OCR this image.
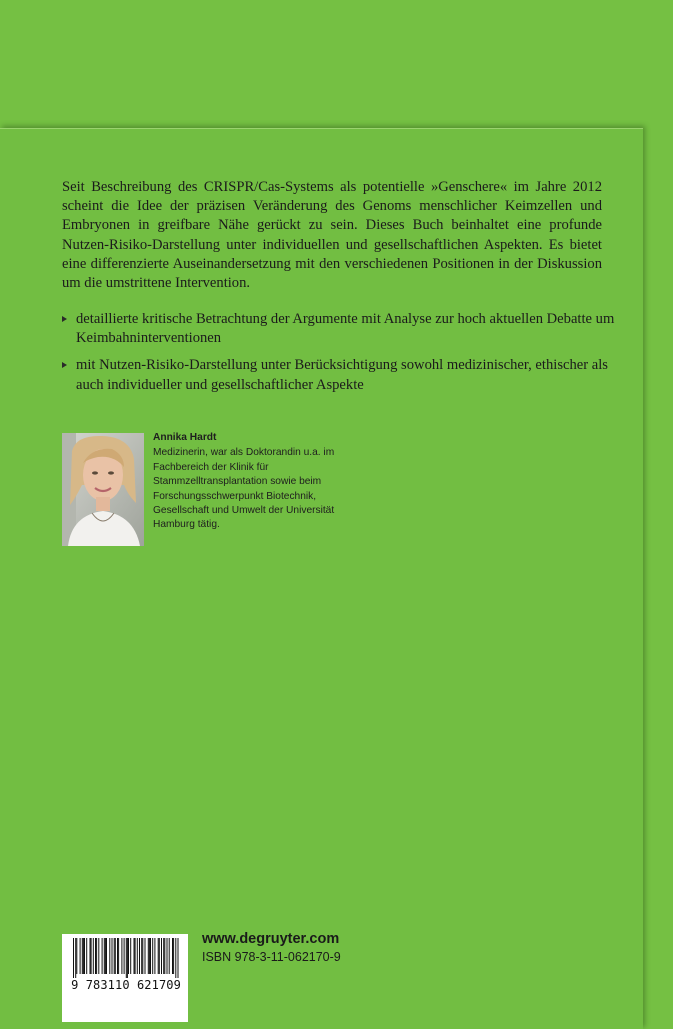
Seit Beschreibung des CRISPR/Cas-Systems als potentielle »Genschere« im Jahre 2012 scheint die Idee der präzisen Veränderung des Genoms menschlicher Keimzellen und Embryonen in greifbare Nähe gerückt zu sein. Dieses Buch beinhaltet eine profunde Nutzen-Risiko-Darstellung unter individuellen und gesellschaftlichen Aspekten. Es bietet eine differenzierte Auseinandersetzung mit den verschiedenen Positionen in der Diskussion um die umstrittene Intervention.

detaillierte kritische Betrachtung der Argumente mit Analyse zur hoch aktuellen Debatte um Keimbahninterventionen
mit Nutzen-Risiko-Darstellung unter Berücksichtigung sowohl medizinischer, ethischer als auch individueller und gesellschaftlicher Aspekte
Annika Hardt
Medizinerin, war als Doktorandin u.a. im Fachbereich der Klinik für Stammzelltransplantation sowie beim Forschungsschwerpunkt Biotechnik, Gesellschaft und Umwelt der Universität Hamburg tätig.
9 783110 621709
www.degruyter.com
ISBN 978-3-11-062170-9
